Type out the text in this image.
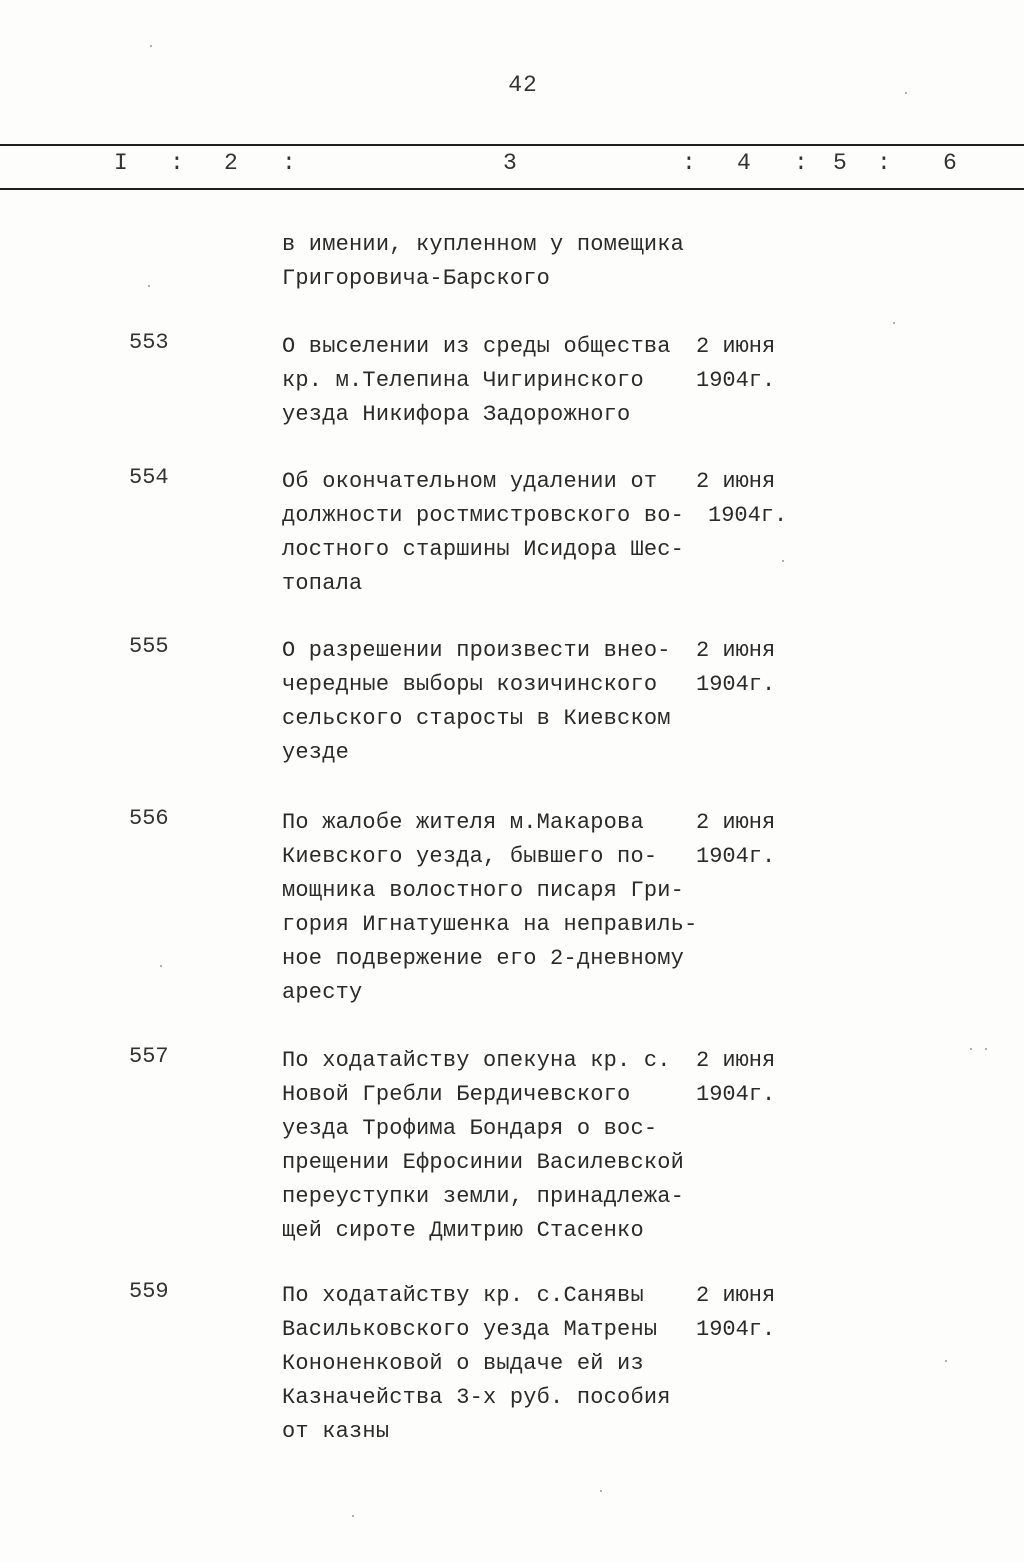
42
I : 2 :	3	: 4 : 5 : 6
в имении, купленном у помещика
Григоровича-Барского
553	О выселении из среды общества
кр. м.Телепина Чигиринского
уезда Никифора Задорожного
2 июня
1904г.
554	Об окончательном удалении от
должности ростмистровского во-
лостного старшины Исидора Шес-
топала
2 июня
1904г.
555	О разрешении произвести внео-
чередные выборы козичинского
сельского старосты в Киевском
уезде
2 июня
1904г.
556	По жалобе жителя м.Макарова
Киевского уезда, бывшего по-
мощника волостного писаря Гри-
гория Игнатушенка на неправиль-
ное подвержение его 2-дневному
аресту
2 июня
1904г.
557	По ходатайству опекуна кр. с.
Новой Гребли Бердичевского
уезда Трофима Бондаря о вос-
прещении Ефросинии Василевской
переуступки земли, принадлежа-
щей сироте Дмитрию Стасенко
2 июня
1904г.
559	По ходатайству кр. с.Санявы
Васильковского уезда Матрены
Кононенковой о выдаче ей из
Казначейства 3-х руб. пособия
от казны
2 июня
1904г.
